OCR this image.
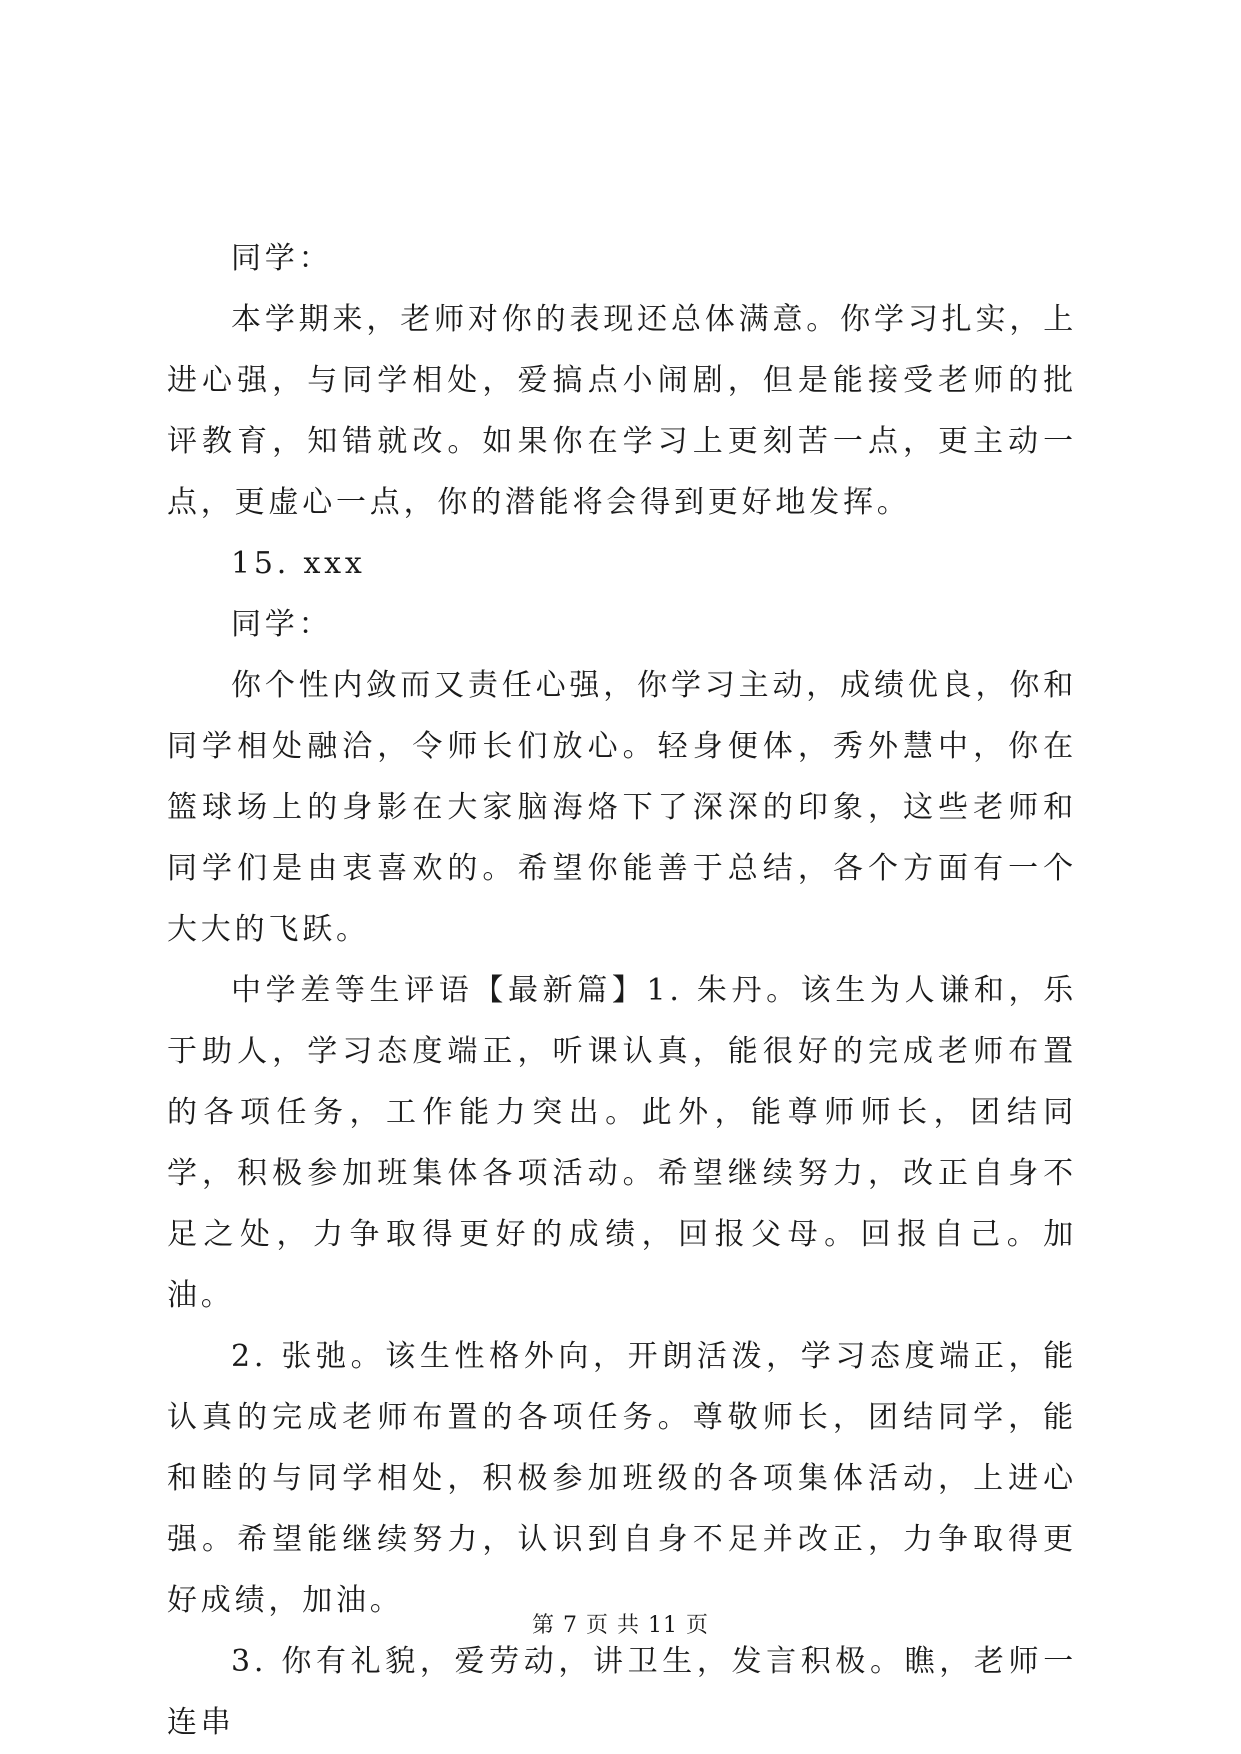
同学：

本学期来，老师对你的表现还总体满意。你学习扎实，上进心强，与同学相处，爱搞点小闹剧，但是能接受老师的批评教育，知错就改。如果你在学习上更刻苦一点，更主动一点，更虚心一点，你的潜能将会得到更好地发挥。

15. xxx

同学：

你个性内敛而又责任心强，你学习主动，成绩优良，你和同学相处融洽，令师长们放心。轻身便体，秀外慧中，你在篮球场上的身影在大家脑海烙下了深深的印象，这些老师和同学们是由衷喜欢的。希望你能善于总结，各个方面有一个大大的飞跃。

中学差等生评语【最新篇】1. 朱丹。该生为人谦和，乐于助人，学习态度端正，听课认真，能很好的完成老师布置的各项任务，工作能力突出。此外，能尊师师长，团结同学，积极参加班集体各项活动。希望继续努力，改正自身不足之处，力争取得更好的成绩，回报父母。回报自己。加油。

2. 张弛。该生性格外向，开朗活泼，学习态度端正，能认真的完成老师布置的各项任务。尊敬师长，团结同学，能和睦的与同学相处，积极参加班级的各项集体活动，上进心强。希望能继续努力，认识到自身不足并改正，力争取得更好成绩，加油。

3. 你有礼貌，爱劳动，讲卫生，发言积极。瞧，老师一连串

第 7 页 共 11 页
